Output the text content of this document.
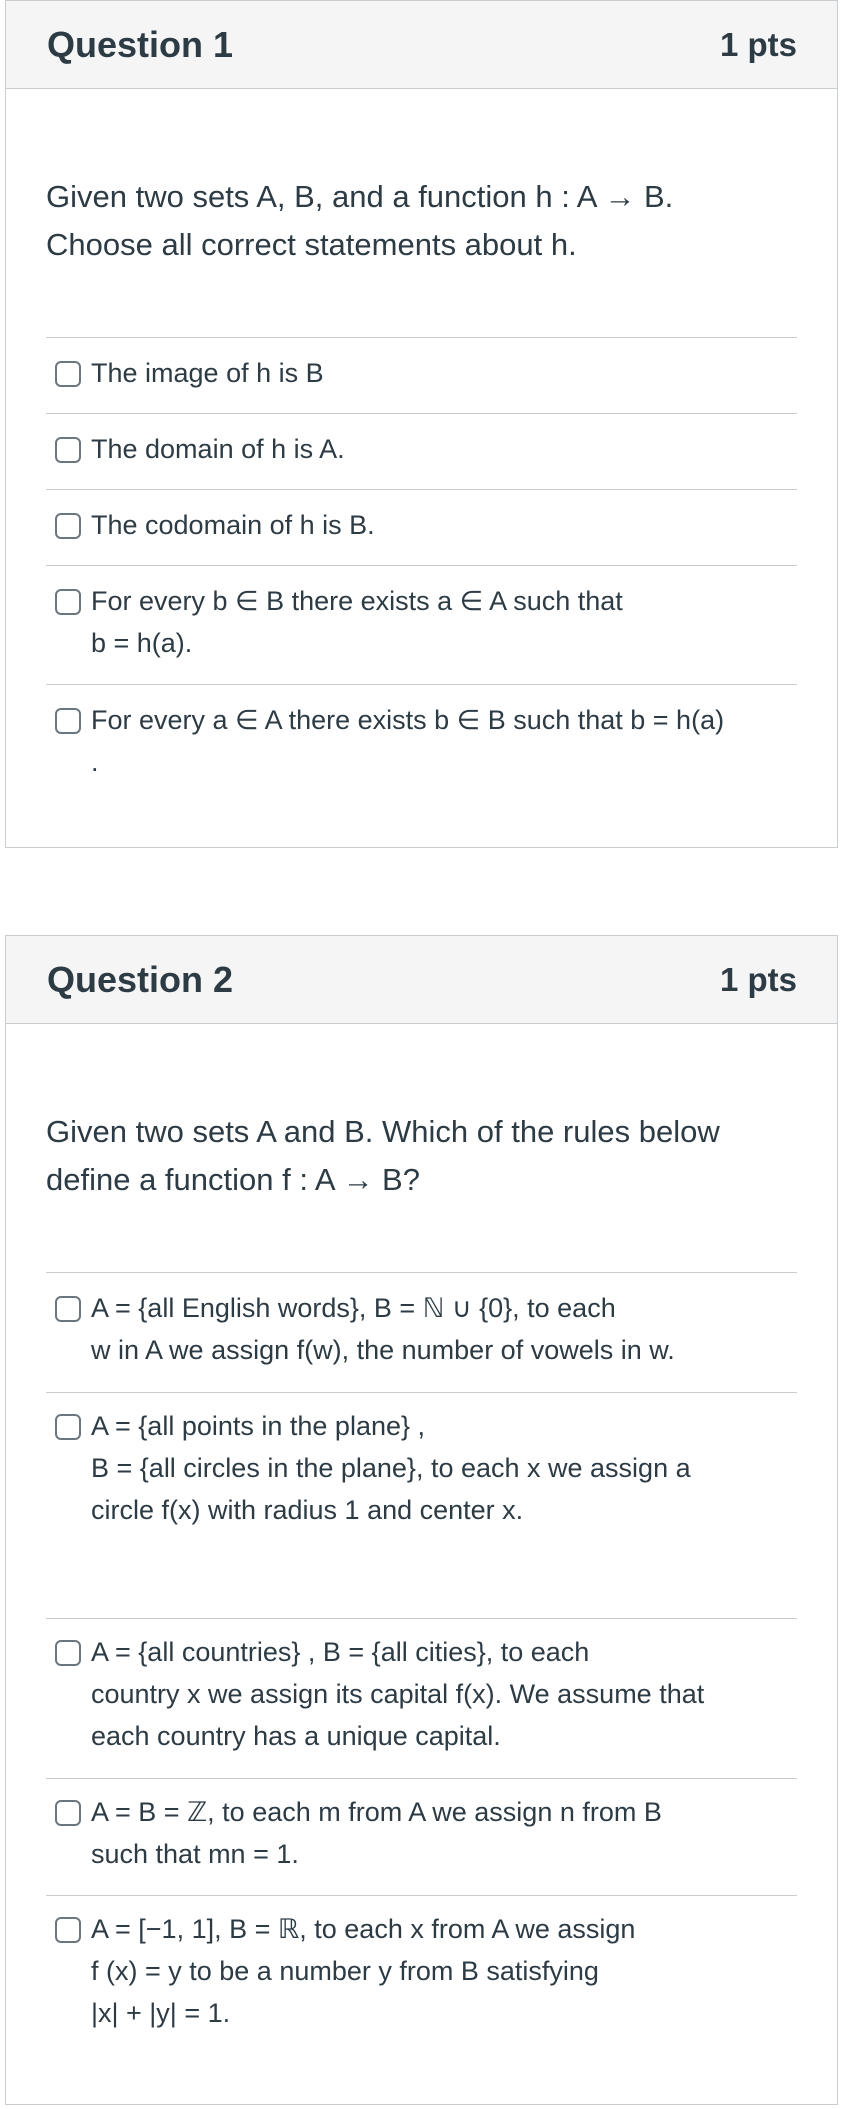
Question 1	1 pts

Given two sets A, B, and a function h : A → B.
Choose all correct statements about h.

The image of h is B
The domain of h is A.
The codomain of h is B.
For every b ∈ B there exists a ∈ A such that
b = h(a).
For every a ∈ A there exists b ∈ B such that b = h(a)
.
Question 2	1 pts

Given two sets A and B. Which of the rules below
define a function f : A → B?

A = {all English words}, B = ℕ ∪ {0}, to each
w in A we assign f(w), the number of vowels in w.
A = {all points in the plane} ,
B = {all circles in the plane}, to each x we assign a
circle f(x) with radius 1 and center x.
A = {all countries} , B = {all cities}, to each
country x we assign its capital f(x). We assume that
each country has a unique capital.
A = B = ℤ, to each m from A we assign n from B
such that mn = 1.
A = [−1, 1], B = ℝ, to each x from A we assign
f (x) = y to be a number y from B satisfying
|x| + |y| = 1.
